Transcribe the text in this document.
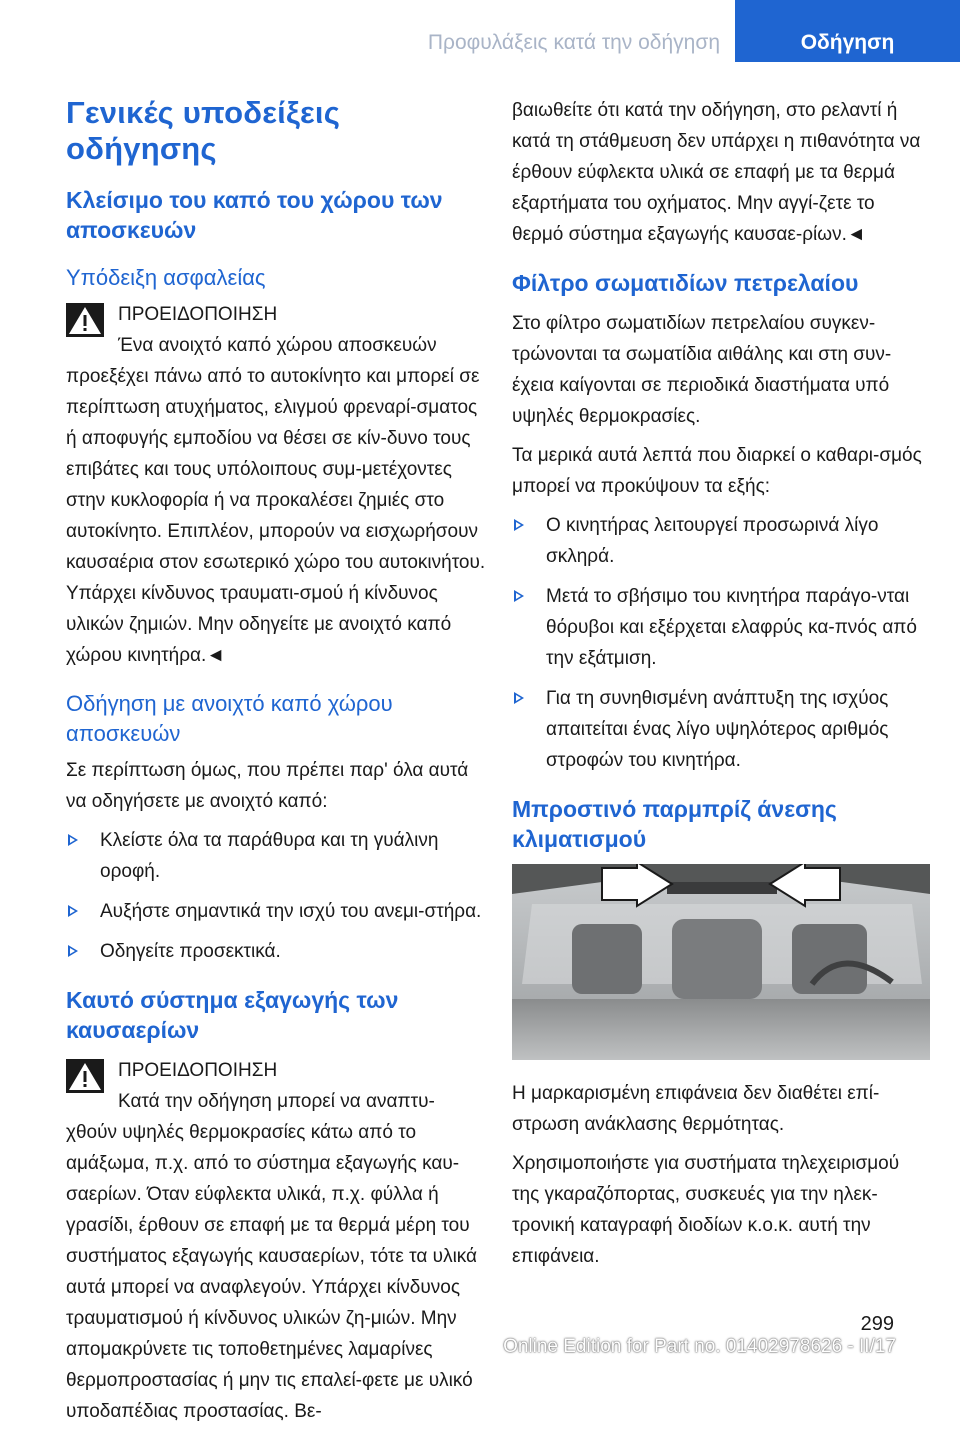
Προφυλάξεις κατά την οδήγηση	Οδήγηση
Γενικές υποδείξεις οδήγησης
Κλείσιμο του καπό του χώρου των αποσκευών
Υπόδειξη ασφαλείας

ΠΡΟΕΙΔΟΠΟΙΗΣΗ

Ένα ανοιχτό καπό χώρου αποσκευών

προεξέχει πάνω από το αυτοκίνητο και μπορεί σε περίπτωση ατυχήματος, ελιγμού φρεναρί-σματος ή αποφυγής εμποδίου να θέσει σε κίν-δυνο τους επιβάτες και τους υπόλοιπους συμ-μετέχοντες στην κυκλοφορία ή να προκαλέσει ζημιές στο αυτοκίνητο. Επιπλέον, μπορούν να εισχωρήσουν καυσαέρια στον εσωτερικό χώρο του αυτοκινήτου. Υπάρχει κίνδυνος τραυματι-σμού ή κίνδυνος υλικών ζημιών. Μην οδηγείτε με ανοιχτό καπό χώρου κινητήρα.◄

Οδήγηση με ανοιχτό καπό χώρου αποσκευών

Σε περίπτωση όμως, που πρέπει παρ' όλα αυτά να οδηγήσετε με ανοιχτό καπό:

Κλείστε όλα τα παράθυρα και τη γυάλινη οροφή.
Αυξήστε σημαντικά την ισχύ του ανεμι-στήρα.
Οδηγείτε προσεκτικά.
Καυτό σύστημα εξαγωγής των καυσαερίων

ΠΡΟΕΙΔΟΠΟΙΗΣΗ

Κατά την οδήγηση μπορεί να αναπτυ-

χθούν υψηλές θερμοκρασίες κάτω από το αμάξωμα, π.χ. από το σύστημα εξαγωγής καυ-σαερίων. Όταν εύφλεκτα υλικά, π.χ. φύλλα ή γρασίδι, έρθουν σε επαφή με τα θερμά μέρη του συστήματος εξαγωγής καυσαερίων, τότε τα υλικά αυτά μπορεί να αναφλεγούν. Υπάρχει κίνδυνος τραυματισμού ή κίνδυνος υλικών ζη-μιών. Μην απομακρύνετε τις τοποθετημένες λαμαρίνες θερμοπροστασίας ή μην τις επαλεί-φετε με υλικό υποδαπέδιας προστασίας. Βε-

βαιωθείτε ότι κατά την οδήγηση, στο ρελαντί ή κατά τη στάθμευση δεν υπάρχει η πιθανότητα να έρθουν εύφλεκτα υλικά σε επαφή με τα θερμά εξαρτήματα του οχήματος. Μην αγγί-ζετε το θερμό σύστημα εξαγωγής καυσαε-ρίων.◄

Φίλτρο σωματιδίων πετρελαίου

Στο φίλτρο σωματιδίων πετρελαίου συγκεν-τρώνονται τα σωματίδια αιθάλης και στη συν-έχεια καίγονται σε περιοδικά διαστήματα υπό υψηλές θερμοκρασίες.

Τα μερικά αυτά λεπτά που διαρκεί ο καθαρι-σμός μπορεί να προκύψουν τα εξής:

Ο κινητήρας λειτουργεί προσωρινά λίγο σκληρά.
Μετά το σβήσιμο του κινητήρα παράγο-νται θόρυβοι και εξέρχεται ελαφρύς κα-πνός από την εξάτμιση.
Για τη συνηθισμένη ανάπτυξη της ισχύος απαιτείται ένας λίγο υψηλότερος αριθμός στροφών του κινητήρα.
Μπροστινό παρμπρίζ άνεσης κλιματισμού

Η μαρκαρισμένη επιφάνεια δεν διαθέτει επί-στρωση ανάκλασης θερμότητας.

Χρησιμοποιήστε για συστήματα τηλεχειρισμού της γκαραζόπορτας, συσκευές για την ηλεκ-τρονική καταγραφή διοδίων κ.ο.κ. αυτή την επιφάνεια.

299
Online Edition for Part no. 01402978626 - II/17
